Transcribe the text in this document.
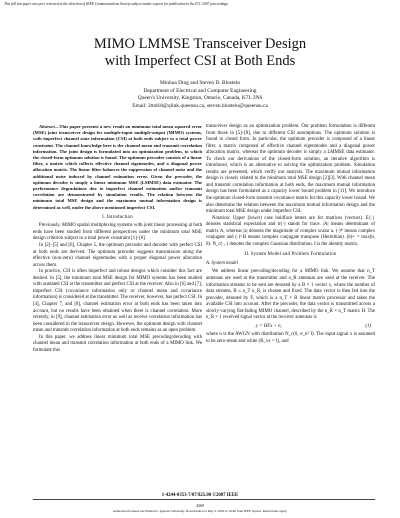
This full text paper was peer reviewed at the direction of IEEE Communications Society subject matter experts for publication in the ICC 2007 proceedings.
MIMO LMMSE Transceiver Design
with Imperfect CSI at Both Ends
Minhua Ding and Steven D. Blostein
Department of Electrical and Computer Engineering
Queen's University, Kingston, Ontario, Canada, K7L 3N6
Email: 2md18@qlink.queensu.ca, steven.blostein@queensu.ca

Abstract—This paper presents a new result on minimum total mean squared error (MSE) joint transceiver design for multiple-input multiple-output (MIMO) systems, with imperfect channel state information (CSI) at both ends subject to a total power constraint. The channel knowledge here is the channel mean and transmit correlation information. The joint design is formulated into an optimization problem, to which the closed-form optimum solution is found. The optimum precoder consists of a linear filter, a matrix which collects effective channel eigenmodes, and a diagonal power allocation matrix. The linear filter balances the suppression of channel noise and the additional noise induced by channel estimation error. Given the precoder, the optimum decoder is simply a linear minimum MSE (LMMSE) data estimator. The performance degradations due to imperfect channel estimation and/or transmit correlation are demonstrated by simulation results. The relation between the minimum total MSE design and the maximum mutual information design is determined as well, under the above mentioned imperfect CSI.

I. Introduction

Previously, MIMO spatial multiplexing systems with joint linear processing at both ends have been studied from different perspectives under the minimum total MSE design criterion subject to a total power constraint [1]–[8].

In [2]–[5] and [6], Chapter 5, the optimum precoder and decoder with perfect CSI at both ends are derived. The optimum precoder suggests transmission along the effective (non-zero) channel eigenmodes with a proper diagonal power allocation across them.

In practice, CSI is often imperfect and robust designs which consider this fact are desired. In [5], the minimum total MSE design for MIMO systems has been studied with outdated CSI at the transmitter and perfect CSI at the receiver. Also in [6] and [7], imperfect CSI (covariance information only or channel mean and covariance information) is considered at the transmitter. The receiver, however, has perfect CSI. In [4], Chapter 7, and [8], channel estimation error at both ends has been taken into account, but no results have been obtained when there is channel correlation. More recently, in [9], channel estimation error as well as receive correlation information has been considered in the transceiver design. However, the optimum design with channel mean and transmit correlation information at both ends remains as an open problem.

In this paper, we address linear minimum total MSE precoding/decoding with channel mean and transmit correlation information at both ends of a MIMO link. We formulate this

transceiver design as an optimization problem. Our problem formulation is different from those in [5]–[8], due to different CSI assumptions. The optimum solution is found in closed form. In particular, the optimum precoder is composed of a linear filter, a matrix composed of effective channel eigenmodes and a diagonal power allocation matrix, whereas the optimum decoder is simply a LMMSE data estimator. To check our derivations of the closed-form solution, an iterative algorithm is introduced, which is an alternative to solving the optimization problem. Simulation results are presented, which verify our analysis. The maximum mutual information design is closely related to the minimum total MSE design [2][3]. With channel mean and transmit correlation information at both ends, the maximum mutual information design has been formulated as a capacity lower bound problem in [11]. We introduce the optimum closed-form transmit covariance matrix for this capacity lower bound. We also determine the relation between the maximum mutual information design and the minimum total MSE design under imperfect CSI.

Notation: Upper (lower) case boldface letters are for matrices (vectors). E{·} denotes statistical expectation and tr(·) stands for trace. |A| means determinant of matrix A, whereas |a| denotes the magnitude of complex scalar a. (·)* means complex conjugate and (·)^H means complex conjugate transpose (Hermitian). (b)+ = max(b, 0). N_c(·,·) denotes the complex Gaussian distribution. I is the identity matrix.

II. System Model and Problem Formulation
A. System model

We address linear precoding/decoding for a MIMO link. We assume that n_T antennas are used at the transmitter and n_R antennas are used at the receiver. The information streams to be sent are denoted by a B × 1 vector x, where the number of data streams, B ≤ n_T n_R, is chosen and fixed. The data vector is then fed into the precoder, denoted by F, which is a n_T × B linear matrix processor and takes the available CSI into account. After the precoder, the data vector is transmitted across a slowly-varying flat-fading MIMO channel, described by the n_R × n_T matrix H. The n_R × 1 received signal vector at the receiver antennas is

y = HFx + n,	(1)

where n is the AWGN with distribution N_c(0, σ_n² I). The input signal x is assumed to be zero-mean and white (R_xx = I), and

1-4244-0353-7/07/$25.00 ©2007 IEEE
4369
Authorized licensed use limited to: Queens University. Downloaded on May 2, 2009 at 16:46 from IEEE Xplore. Restrictions apply.
